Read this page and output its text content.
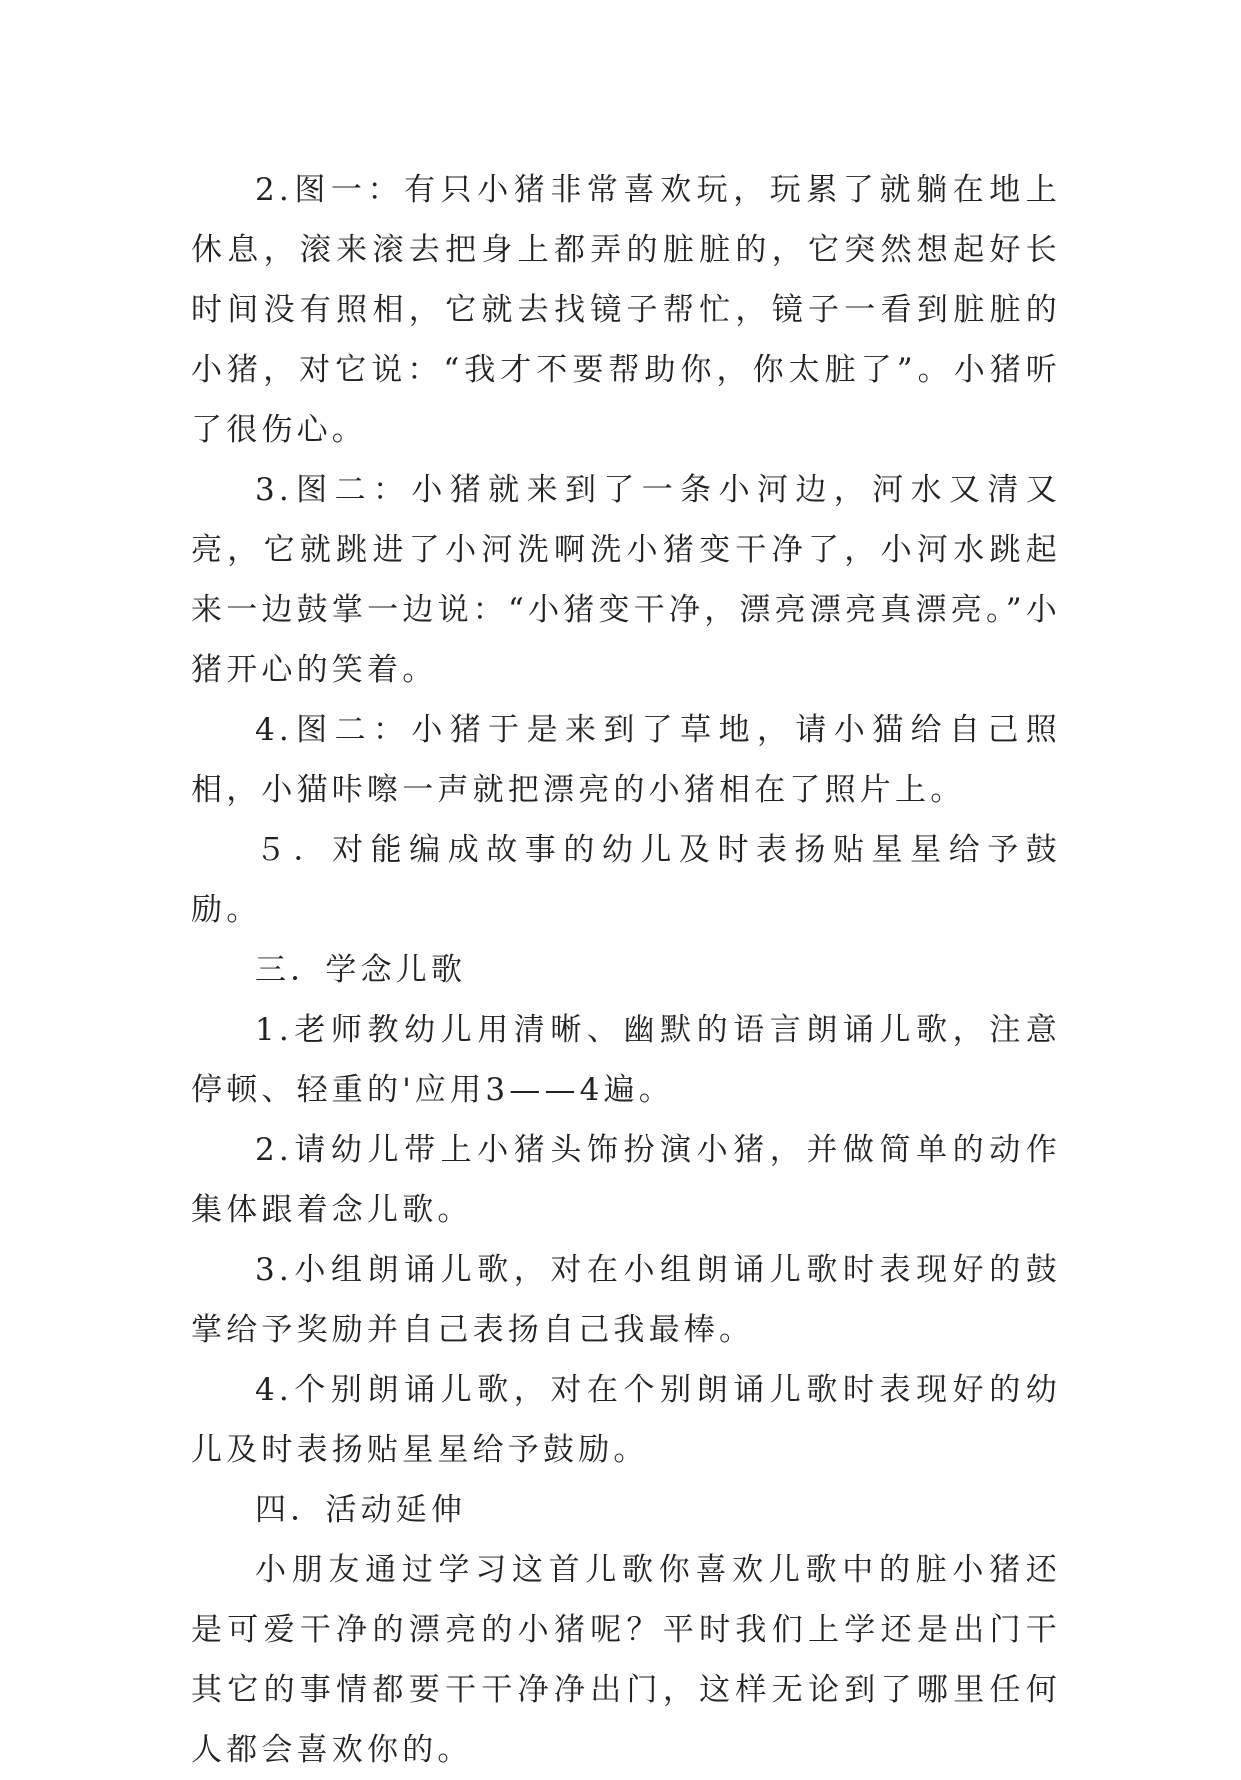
2.图一：有只小猪非常喜欢玩，玩累了就躺在地上休息，滚来滚去把身上都弄的脏脏的，它突然想起好长时间没有照相，它就去找镜子帮忙，镜子一看到脏脏的小猪，对它说：“我才不要帮助你，你太脏了”。小猪听了很伤心。

3.图二：小猪就来到了一条小河边，河水又清又亮，它就跳进了小河洗啊洗小猪变干净了，小河水跳起来一边鼓掌一边说：“小猪变干净，漂亮漂亮真漂亮。”小猪开心的笑着。

4.图二：小猪于是来到了草地，请小猫给自己照相，小猫咔嚓一声就把漂亮的小猪相在了照片上。

５．对能编成故事的幼儿及时表扬贴星星给予鼓励。

三．学念儿歌

1.老师教幼儿用清晰、幽默的语言朗诵儿歌，注意停顿、轻重的'应用3——4遍。

2.请幼儿带上小猪头饰扮演小猪，并做简单的动作集体跟着念儿歌。

3.小组朗诵儿歌，对在小组朗诵儿歌时表现好的鼓掌给予奖励并自己表扬自己我最棒。

4.个别朗诵儿歌，对在个别朗诵儿歌时表现好的幼儿及时表扬贴星星给予鼓励。

四．活动延伸

小朋友通过学习这首儿歌你喜欢儿歌中的脏小猪还是可爱干净的漂亮的小猪呢？平时我们上学还是出门干其它的事情都要干干净净出门，这样无论到了哪里任何人都会喜欢你的。
